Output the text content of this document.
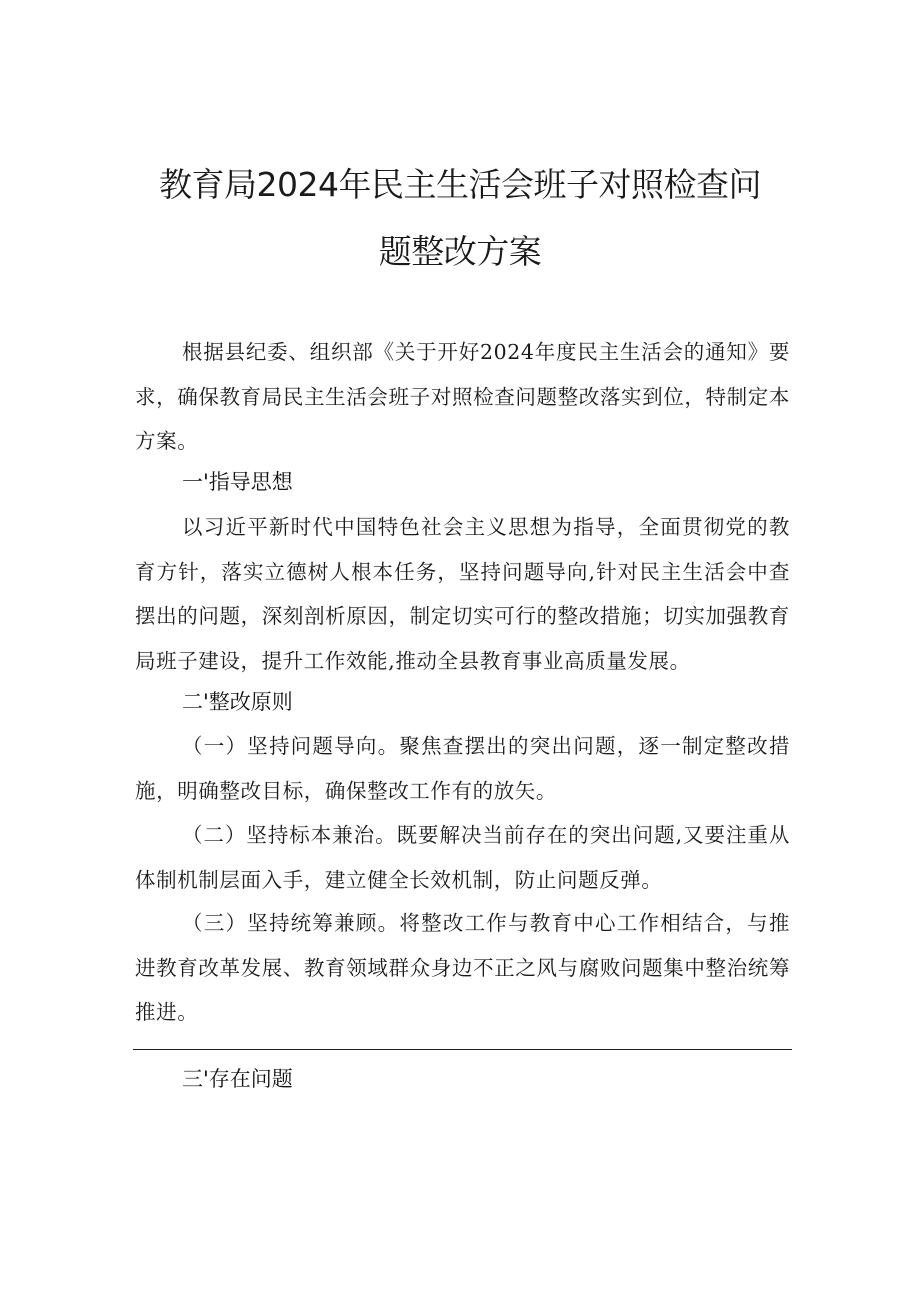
教育局2024年民主生活会班子对照检查问
题整改方案

根据县纪委、组织部《关于开好2024年度民主生活会的通知》要求，确保教育局民主生活会班子对照检查问题整改落实到位，特制定本方案。

一'指导思想

以习近平新时代中国特色社会主义思想为指导，全面贯彻党的教育方针，落实立德树人根本任务，坚持问题导向,针对民主生活会中查摆出的问题，深刻剖析原因，制定切实可行的整改措施；切实加强教育局班子建设，提升工作效能,推动全县教育事业高质量发展。

二'整改原则

（一）坚持问题导向。聚焦查摆出的突出问题，逐一制定整改措施，明确整改目标，确保整改工作有的放矢。

（二）坚持标本兼治。既要解决当前存在的突出问题,又要注重从体制机制层面入手，建立健全长效机制，防止问题反弹。

（三）坚持统筹兼顾。将整改工作与教育中心工作相结合，与推进教育改革发展、教育领域群众身边不正之风与腐败问题集中整治统筹推进。

三'存在问题
